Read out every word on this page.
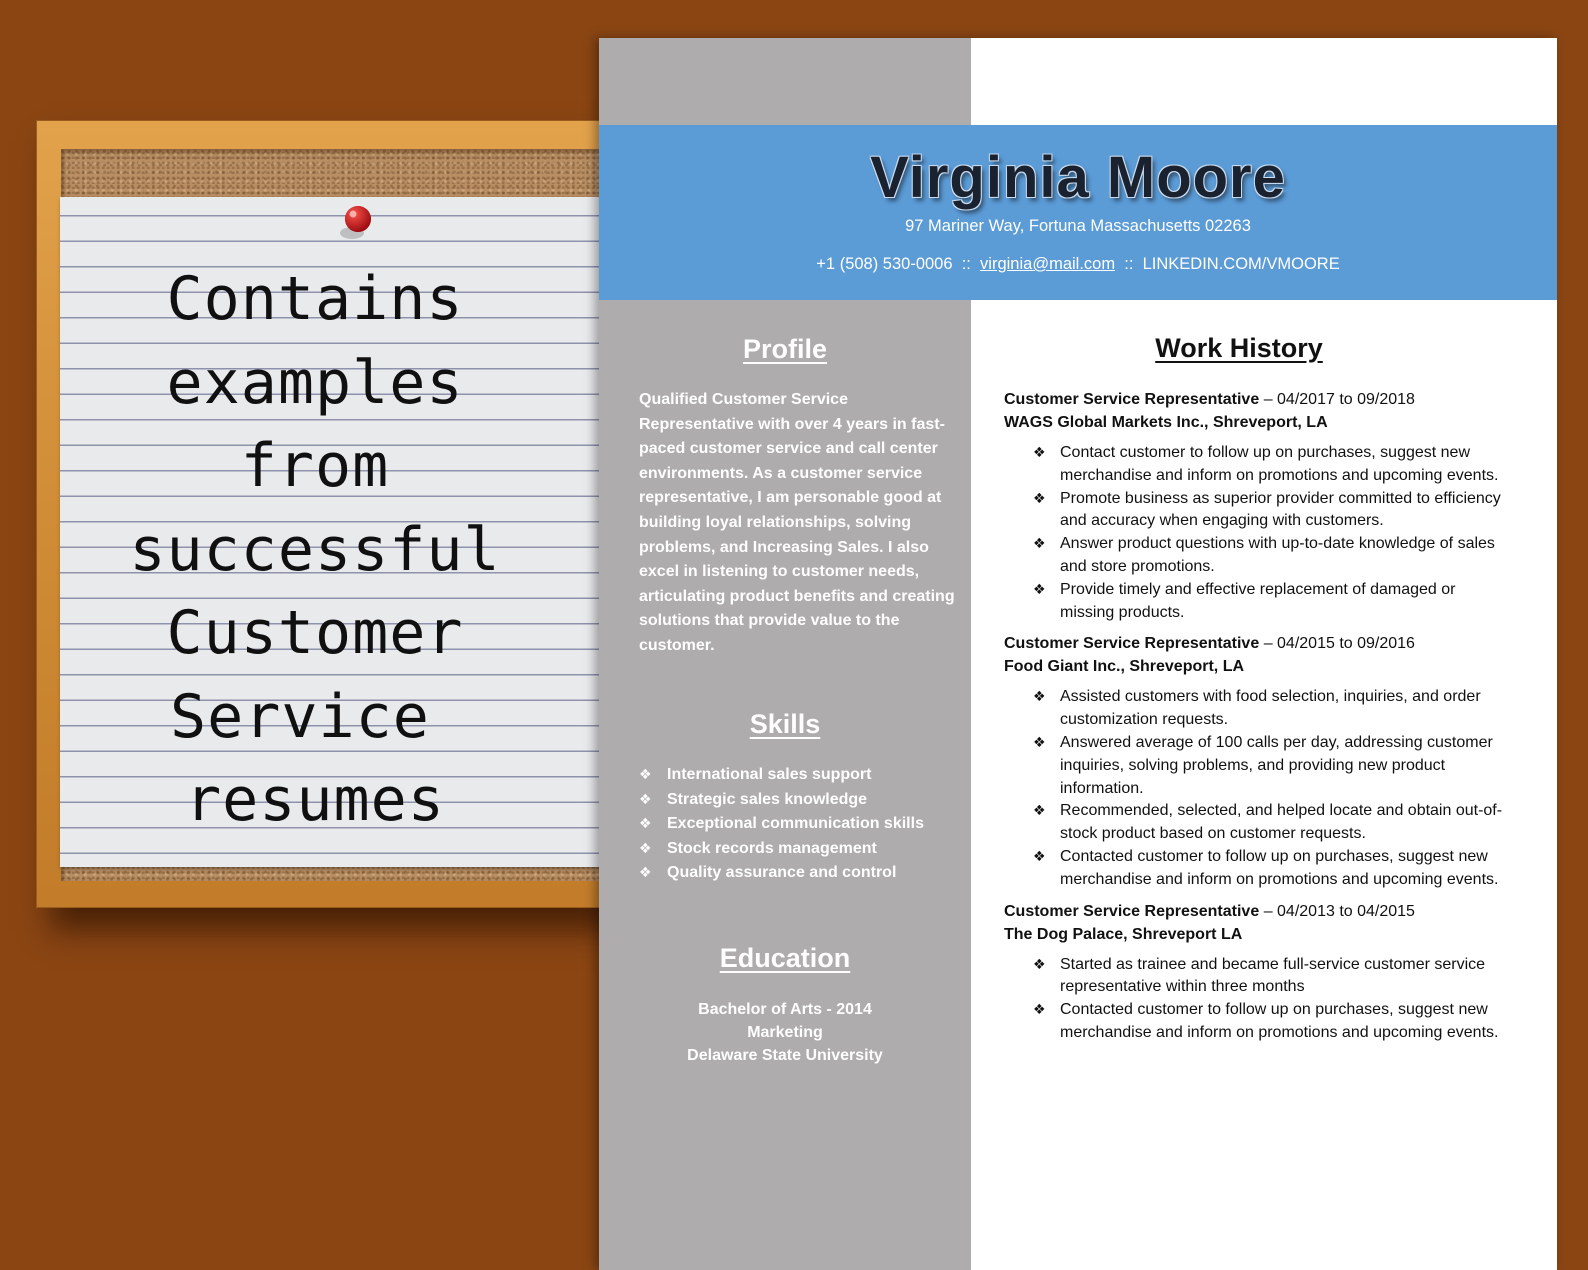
Contains
examples
from
successful
Customer
Service
resumes
Virginia Moore
97 Mariner Way, Fortuna Massachusetts 02263
+1 (508) 530-0006 :: virginia@mail.com :: LINKEDIN.COM/VMOORE
Profile
Qualified Customer Service Representative with over 4 years in fast-paced customer service and call center environments. As a customer service representative, I am personable good at building loyal relationships, solving problems, and Increasing Sales. I also excel in listening to customer needs, articulating product benefits and creating solutions that provide value to the customer.
Skills
❖ International sales support
❖ Strategic sales knowledge
❖ Exceptional communication skills
❖ Stock records management
❖ Quality assurance and control
Education
Bachelor of Arts - 2014
Marketing
Delaware State University
Work History
Customer Service Representative – 04/2017 to 09/2018
WAGS Global Markets Inc., Shreveport, LA
❖ Contact customer to follow up on purchases, suggest new merchandise and inform on promotions and upcoming events.
❖ Promote business as superior provider committed to efficiency and accuracy when engaging with customers.
❖ Answer product questions with up-to-date knowledge of sales and store promotions.
❖ Provide timely and effective replacement of damaged or missing products.
Customer Service Representative – 04/2015 to 09/2016
Food Giant Inc., Shreveport, LA
❖ Assisted customers with food selection, inquiries, and order customization requests.
❖ Answered average of 100 calls per day, addressing customer inquiries, solving problems, and providing new product information.
❖ Recommended, selected, and helped locate and obtain out-of-stock product based on customer requests.
❖ Contacted customer to follow up on purchases, suggest new merchandise and inform on promotions and upcoming events.
Customer Service Representative – 04/2013 to 04/2015
The Dog Palace, Shreveport LA
❖ Started as trainee and became full-service customer service representative within three months
❖ Contacted customer to follow up on purchases, suggest new merchandise and inform on promotions and upcoming events.
